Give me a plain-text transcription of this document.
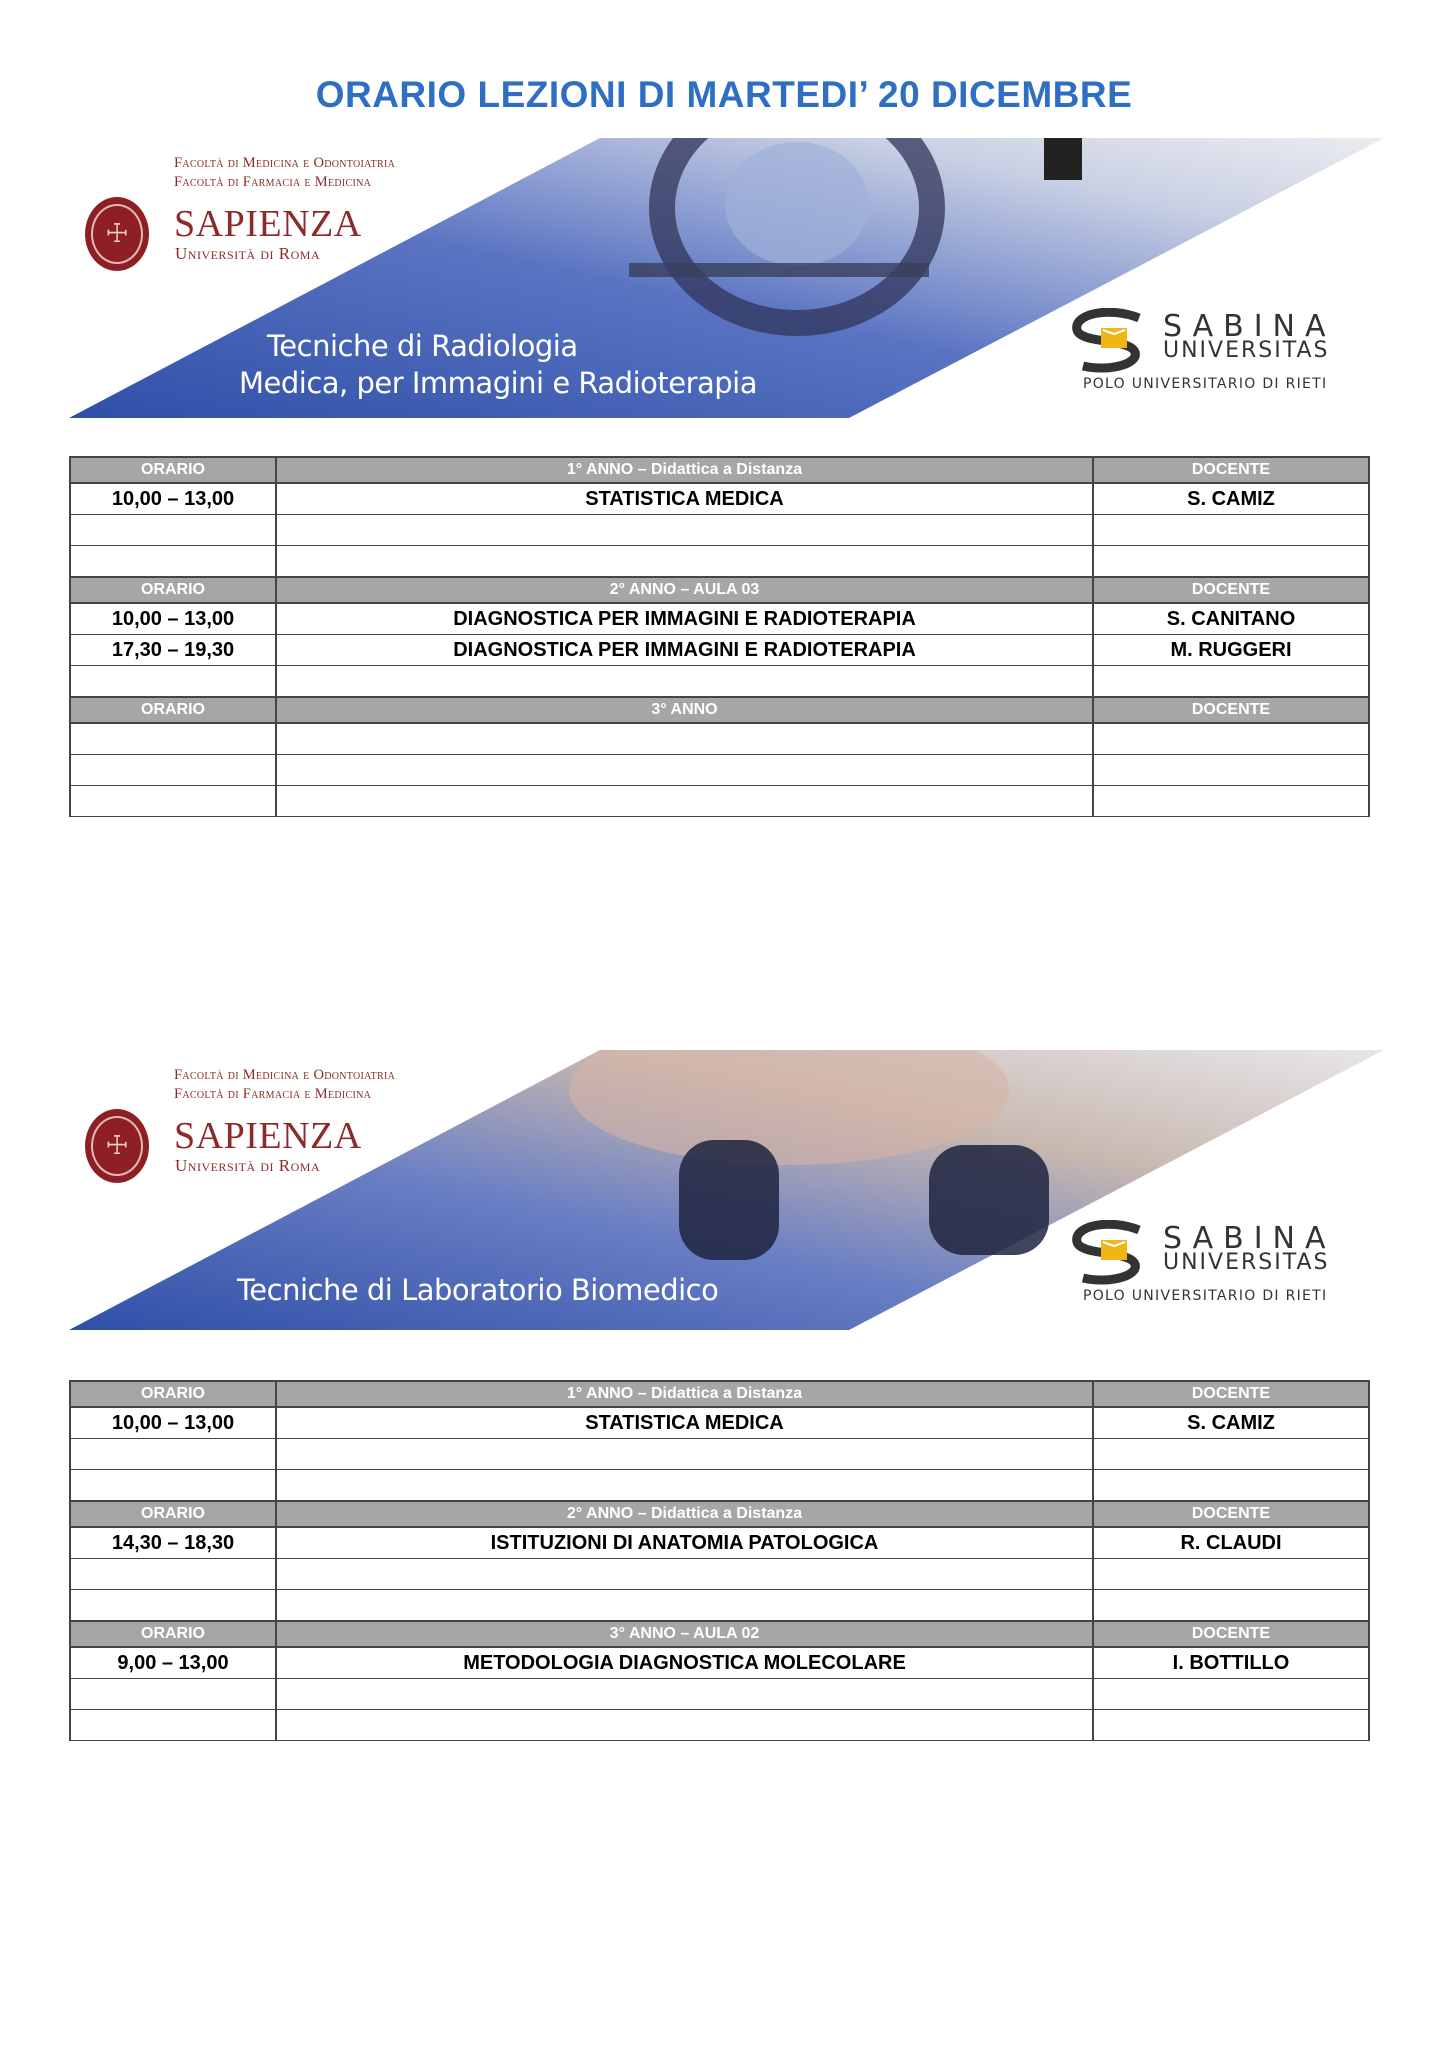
ORARIO LEZIONI DI MARTEDI’ 20 DICEMBRE
Facoltà di Medicina e Odontoiatria
Facoltà di Farmacia e Medicina
☩	SAPIENZA
Università di Roma
Tecniche di Radiologia
Medica, per Immagini e Radioterapia
SABINA
UNIVERSITAS
POLO UNIVERSITARIO DI RIETI
Facoltà di Medicina e Odontoiatria
Facoltà di Farmacia e Medicina
☩	SAPIENZA
Università di Roma
Tecniche di Laboratorio Biomedico
SABINA
UNIVERSITAS
POLO UNIVERSITARIO DI RIETI
ORARIO	1° ANNO – Didattica a Distanza	DOCENTE
10,00 – 13,00	STATISTICA MEDICA	S. CAMIZ

ORARIO	2° ANNO – AULA 03	DOCENTE
10,00 – 13,00	DIAGNOSTICA PER IMMAGINI E RADIOTERAPIA	S. CANITANO
17,30 – 19,30	DIAGNOSTICA PER IMMAGINI E RADIOTERAPIA	M. RUGGERI

ORARIO	3° ANNO	DOCENTE

ORARIO	1° ANNO – Didattica a Distanza	DOCENTE
10,00 – 13,00	STATISTICA MEDICA	S. CAMIZ

ORARIO	2° ANNO – Didattica a Distanza	DOCENTE
14,30 – 18,30	ISTITUZIONI DI ANATOMIA PATOLOGICA	R. CLAUDI

ORARIO	3° ANNO – AULA 02	DOCENTE
9,00 – 13,00	METODOLOGIA DIAGNOSTICA MOLECOLARE	I. BOTTILLO
